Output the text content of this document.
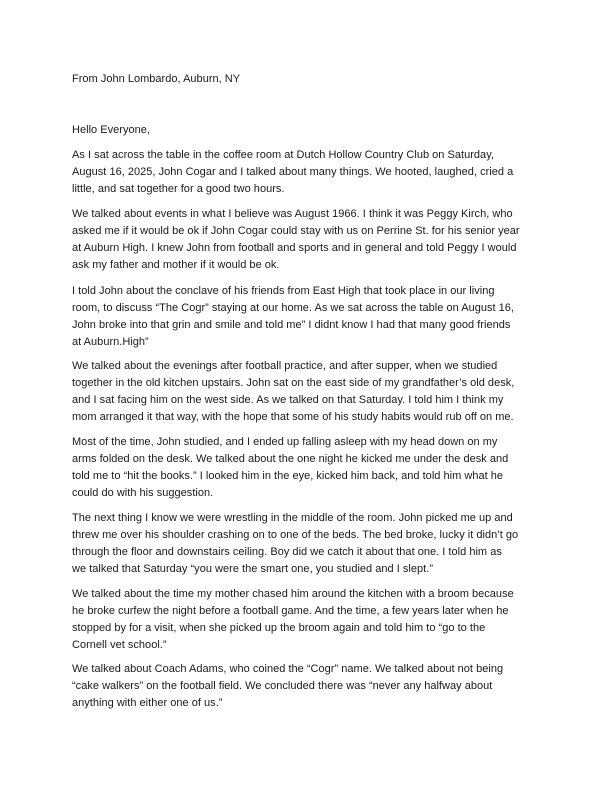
From John Lombardo, Auburn, NY
Hello Everyone,

As I sat across the table in the coffee room at Dutch Hollow Country Club on Saturday,
August 16, 2025, John Cogar and I talked about many things. We hooted, laughed, cried a
little, and sat together for a good two hours.

We talked about events in what I believe was August 1966. I think it was Peggy Kirch, who
asked me if it would be ok if John Cogar could stay with us on Perrine St. for his senior year
at Auburn High. I knew John from football and sports and in general and told Peggy I would
ask my father and mother if it would be ok.

I told John about the conclave of his friends from East High that took place in our living
room, to discuss “The Cogr” staying at our home. As we sat across the table on August 16,
John broke into that grin and smile and told me” I didnt know I had that many good friends
at Auburn.High”

We talked about the evenings after football practice, and after supper, when we studied
together in the old kitchen upstairs. John sat on the east side of my grandfather’s old desk,
and I sat facing him on the west side. As we talked on that Saturday. I told him I think my
mom arranged it that way, with the hope that some of his study habits would rub off on me.

Most of the time, John studied, and I ended up falling asleep with my head down on my
arms folded on the desk. We talked about the one night he kicked me under the desk and
told me to “hit the books.” I looked him in the eye, kicked him back, and told him what he
could do with his suggestion.

The next thing I know we were wrestling in the middle of the room. John picked me up and
threw me over his shoulder crashing on to one of the beds. The bed broke, lucky it didn’t go
through the floor and downstairs ceiling. Boy did we catch it about that one. I told him as
we talked that Saturday “you were the smart one, you studied and I slept.”

We talked about the time my mother chased him around the kitchen with a broom because
he broke curfew the night before a football game. And the time, a few years later when he
stopped by for a visit, when she picked up the broom again and told him to “go to the
Cornell vet school.”

We talked about Coach Adams, who coined the “Cogr” name. We talked about not being
“cake walkers” on the football field. We concluded there was “never any halfway about
anything with either one of us.”
